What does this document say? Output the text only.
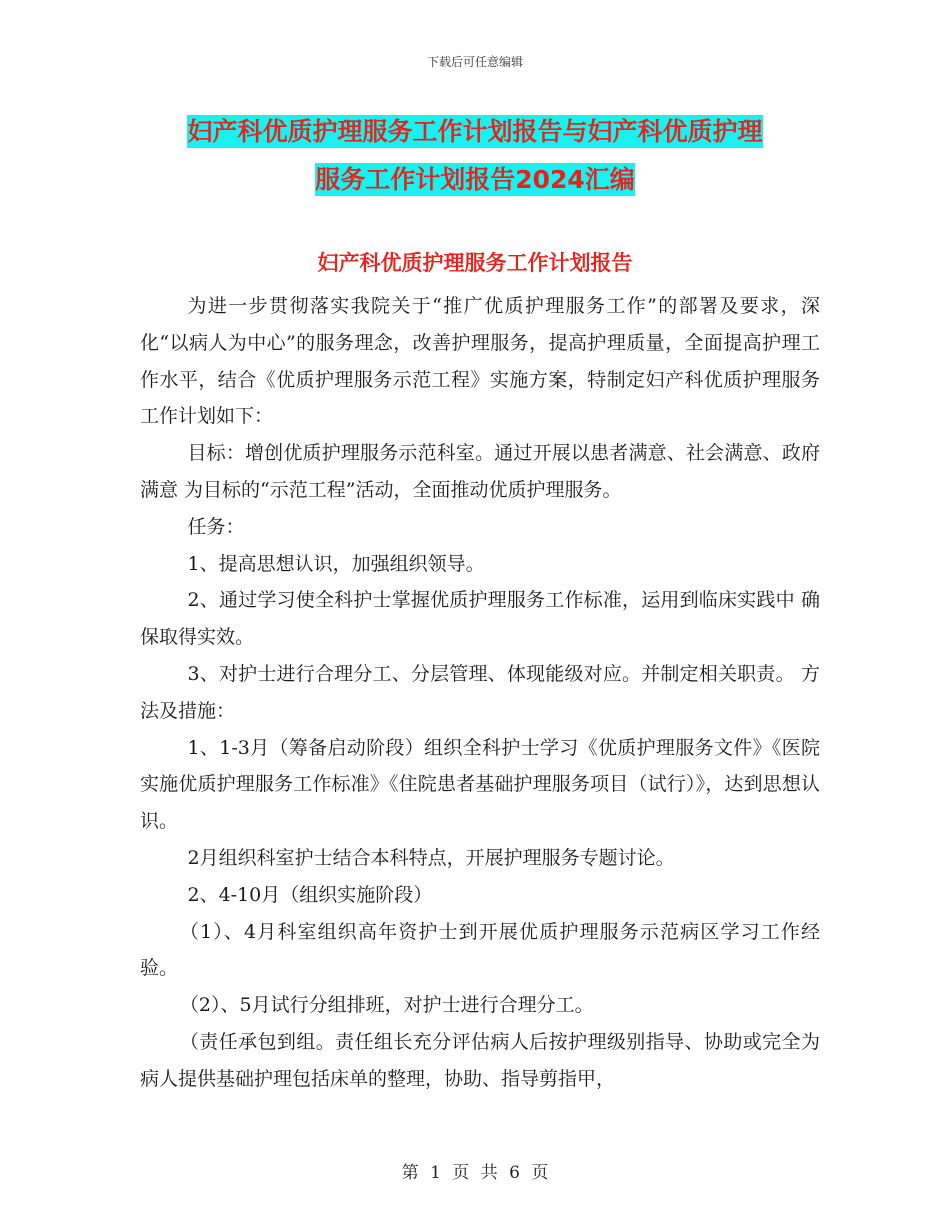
下载后可任意编辑
妇产科优质护理服务工作计划报告与妇产科优质护理
服务工作计划报告2024汇编
妇产科优质护理服务工作计划报告

为进一步贯彻落实我院关于“推广优质护理服务工作”的部署及要求，深化“以病人为中心”的服务理念，改善护理服务，提高护理质量，全面提高护理工作水平，结合《优质护理服务示范工程》实施方案，特制定妇产科优质护理服务工作计划如下：

目标：增创优质护理服务示范科室。通过开展以患者满意、社会满意、政府满意 为目标的“示范工程”活动，全面推动优质护理服务。

任务：

1、提高思想认识，加强组织领导。

2、通过学习使全科护士掌握优质护理服务工作标准，运用到临床实践中 确保取得实效。

3、对护士进行合理分工、分层管理、体现能级对应。并制定相关职责。 方法及措施：

1、1-3月（筹备启动阶段）组织全科护士学习《优质护理服务文件》《医院实施优质护理服务工作标准》《住院患者基础护理服务项目（试行）》，达到思想认识。

2月组织科室护士结合本科特点，开展护理服务专题讨论。

2、4-10月（组织实施阶段）

（1）、4月科室组织高年资护士到开展优质护理服务示范病区学习工作经验。

（2）、5月试行分组排班，对护士进行合理分工。

（责任承包到组。责任组长充分评估病人后按护理级别指导、协助或完全为病人提供基础护理包括床单的整理，协助、指导剪指甲，

第 1 页 共 6 页
